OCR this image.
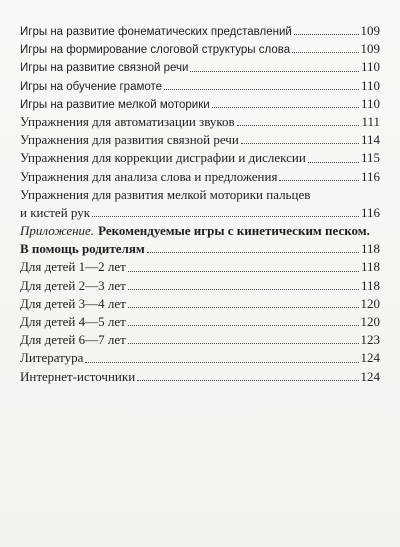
Игры на развитие фонематических представлений	109
Игры на формирование слоговой структуры слова	109
Игры на развитие связной речи	110
Игры на обучение грамоте	110
Игры на развитие мелкой моторики	110
Упражнения для автоматизации звуков	111
Упражнения для развития связной речи	114
Упражнения для коррекции дисграфии и дислексии	115
Упражнения для анализа слова и предложения	116
Упражнения для развития мелкой моторики пальцев
и кистей рук	116
Приложение. Рекомендуемые игры с кинетическим песком.
В помощь родителям	118
Для детей 1—2 лет	118
Для детей 2—3 лет	118
Для детей 3—4 лет	120
Для детей 4—5 лет	120
Для детей 6—7 лет	123
Литература	124
Интернет-источники	124
